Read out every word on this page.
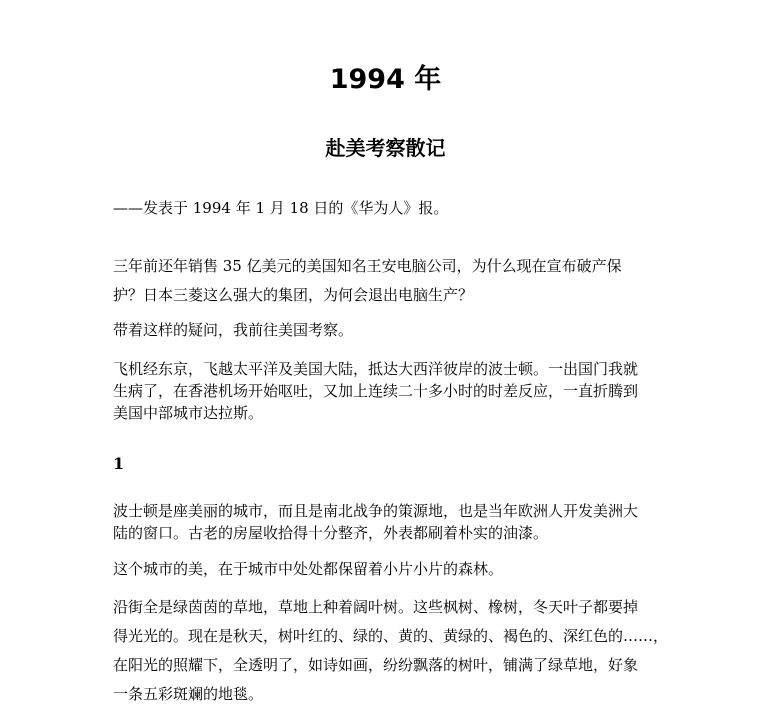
1994 年
赴美考察散记

——发表于 1994 年 1 月 18 日的《华为人》报。

三年前还年销售 35 亿美元的美国知名王安电脑公司，为什么现在宣布破产保
护？日本三菱这么强大的集团，为何会退出电脑生产？

带着这样的疑问，我前往美国考察。

飞机经东京，飞越太平洋及美国大陆，抵达大西洋彼岸的波士顿。一出国门我就
生病了，在香港机场开始呕吐，又加上连续二十多小时的时差反应，一直折腾到
美国中部城市达拉斯。

1

波士顿是座美丽的城市，而且是南北战争的策源地，也是当年欧洲人开发美洲大
陆的窗口。古老的房屋收拾得十分整齐，外表都刷着朴实的油漆。

这个城市的美，在于城市中处处都保留着小片小片的森林。

沿街全是绿茵茵的草地，草地上种着阔叶树。这些枫树、橡树，冬天叶子都要掉
得光光的。现在是秋天，树叶红的、绿的、黄的、黄绿的、褐色的、深红色的……，
在阳光的照耀下，全透明了，如诗如画，纷纷飘落的树叶，铺满了绿草地，好象
一条五彩斑斓的地毯。
